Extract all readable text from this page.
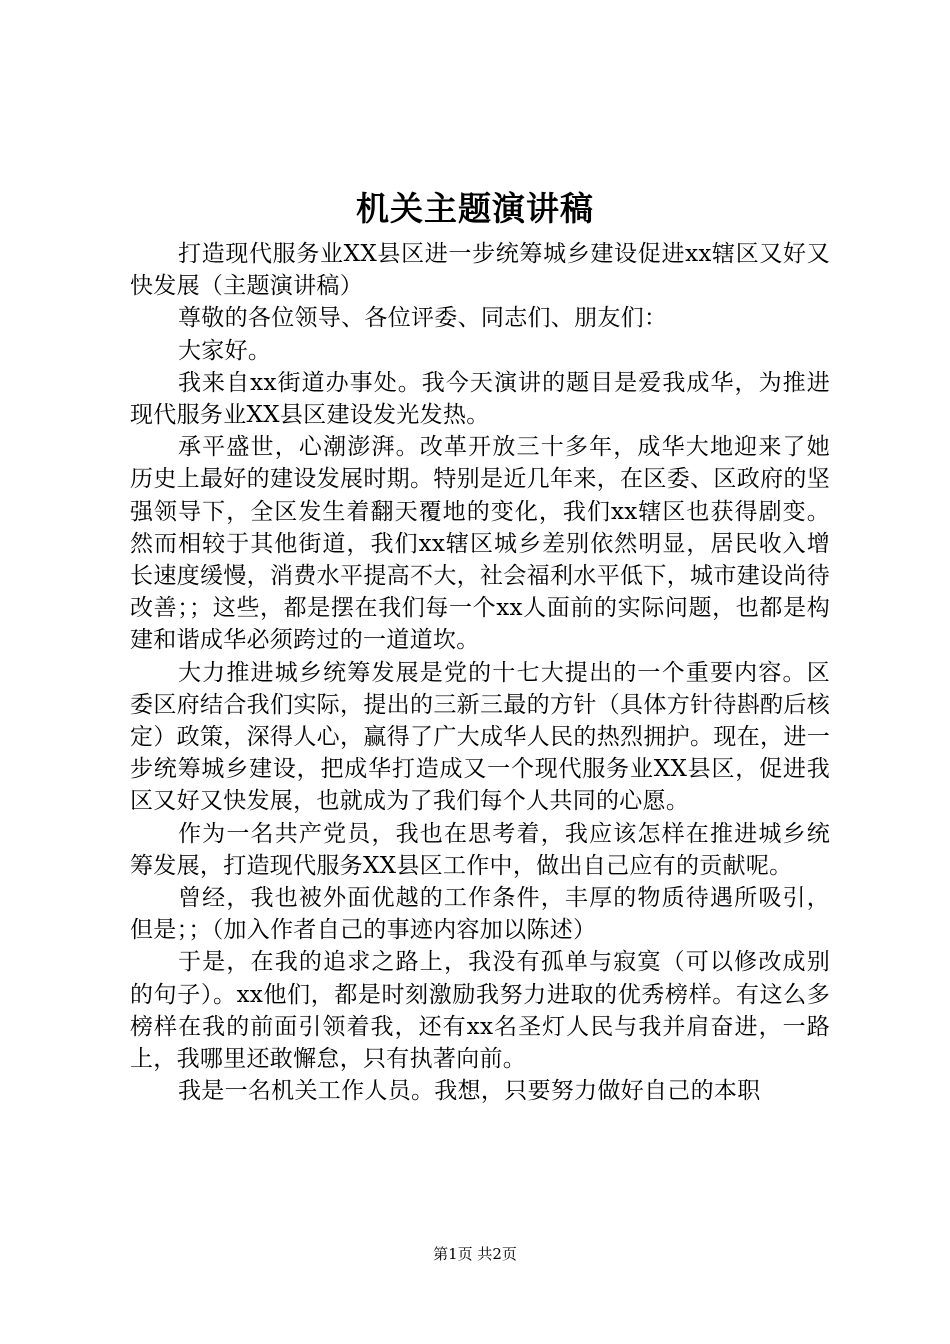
机关主题演讲稿

打造现代服务业XX县区进一步统筹城乡建设促进xx辖区又好又快发展（主题演讲稿）

尊敬的各位领导、各位评委、同志们、朋友们：

大家好。

我来自xx街道办事处。我今天演讲的题目是爱我成华，为推进现代服务业XX县区建设发光发热。

承平盛世，心潮澎湃。改革开放三十多年，成华大地迎来了她历史上最好的建设发展时期。特别是近几年来，在区委、区政府的坚强领导下，全区发生着翻天覆地的变化，我们xx辖区也获得剧变。然而相较于其他街道，我们xx辖区城乡差别依然明显，居民收入增长速度缓慢，消费水平提高不大，社会福利水平低下，城市建设尚待改善；；这些，都是摆在我们每一个xx人面前的实际问题，也都是构建和谐成华必须跨过的一道道坎。

大力推进城乡统筹发展是党的十七大提出的一个重要内容。区委区府结合我们实际，提出的三新三最的方针（具体方针待斟酌后核定）政策，深得人心，赢得了广大成华人民的热烈拥护。现在，进一步统筹城乡建设，把成华打造成又一个现代服务业XX县区，促进我区又好又快发展，也就成为了我们每个人共同的心愿。

作为一名共产党员，我也在思考着，我应该怎样在推进城乡统筹发展，打造现代服务XX县区工作中，做出自己应有的贡献呢。

曾经，我也被外面优越的工作条件，丰厚的物质待遇所吸引，但是；；（加入作者自己的事迹内容加以陈述）

于是，在我的追求之路上，我没有孤单与寂寞（可以修改成别的句子）。xx他们，都是时刻激励我努力进取的优秀榜样。有这么多榜样在我的前面引领着我，还有xx名圣灯人民与我并肩奋进，一路上，我哪里还敢懈怠，只有执著向前。

我是一名机关工作人员。我想，只要努力做好自己的本职

第1页 共2页
